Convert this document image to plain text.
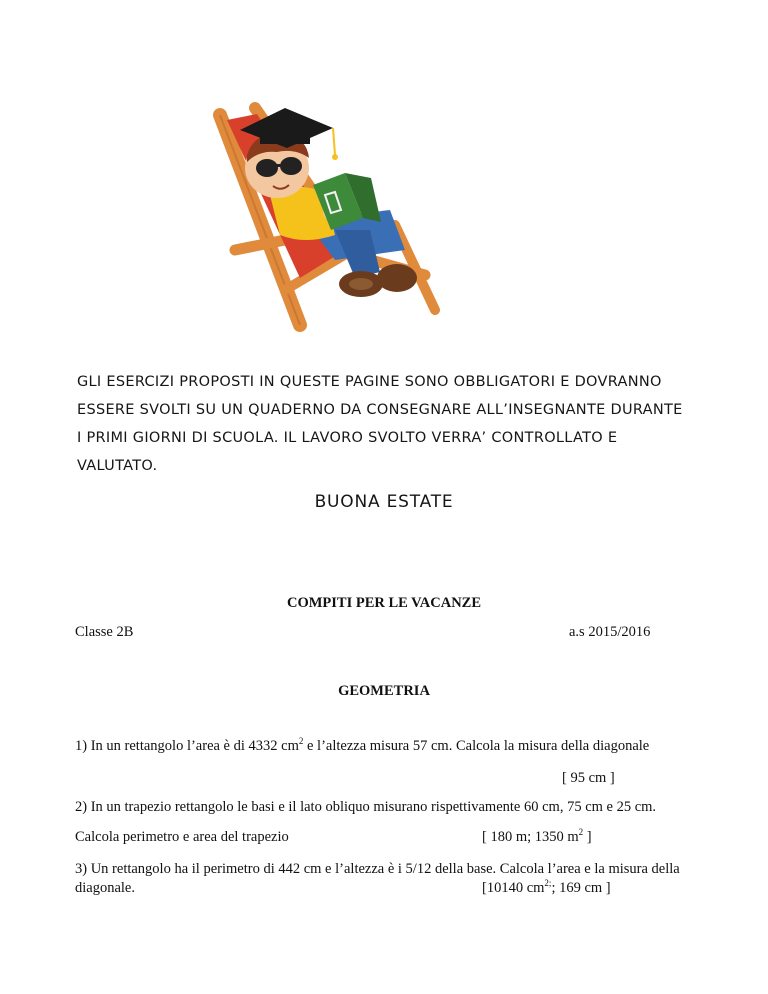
GLI ESERCIZI PROPOSTI IN QUESTE PAGINE SONO OBBLIGATORI E DOVRANNO

ESSERE SVOLTI SU UN QUADERNO DA CONSEGNARE ALL’INSEGNANTE DURANTE

I PRIMI GIORNI DI SCUOLA. IL LAVORO SVOLTO VERRA’ CONTROLLATO E

VALUTATO.

BUONA ESTATE
COMPITI PER LE VACANZE
Classe 2B	a.s 2015/2016
GEOMETRIA
1) In un rettangolo l’area è di 4332 $cm^2$ e l’altezza misura 57 cm. Calcola la misura della diagonale
[ 95 cm ]
2) In un trapezio rettangolo le basi e il lato obliquo misurano rispettivamente 60 cm, 75 cm e 25 cm.
Calcola perimetro e area del trapezio	[ 180 m; 1350 $m^2$ ]
3) Un rettangolo ha il perimetro di 442 cm e l’altezza è i 5/12 della base. Calcola l’area e la misura della
diagonale.	[10140 $cm^{2;}$; 169 cm ]
